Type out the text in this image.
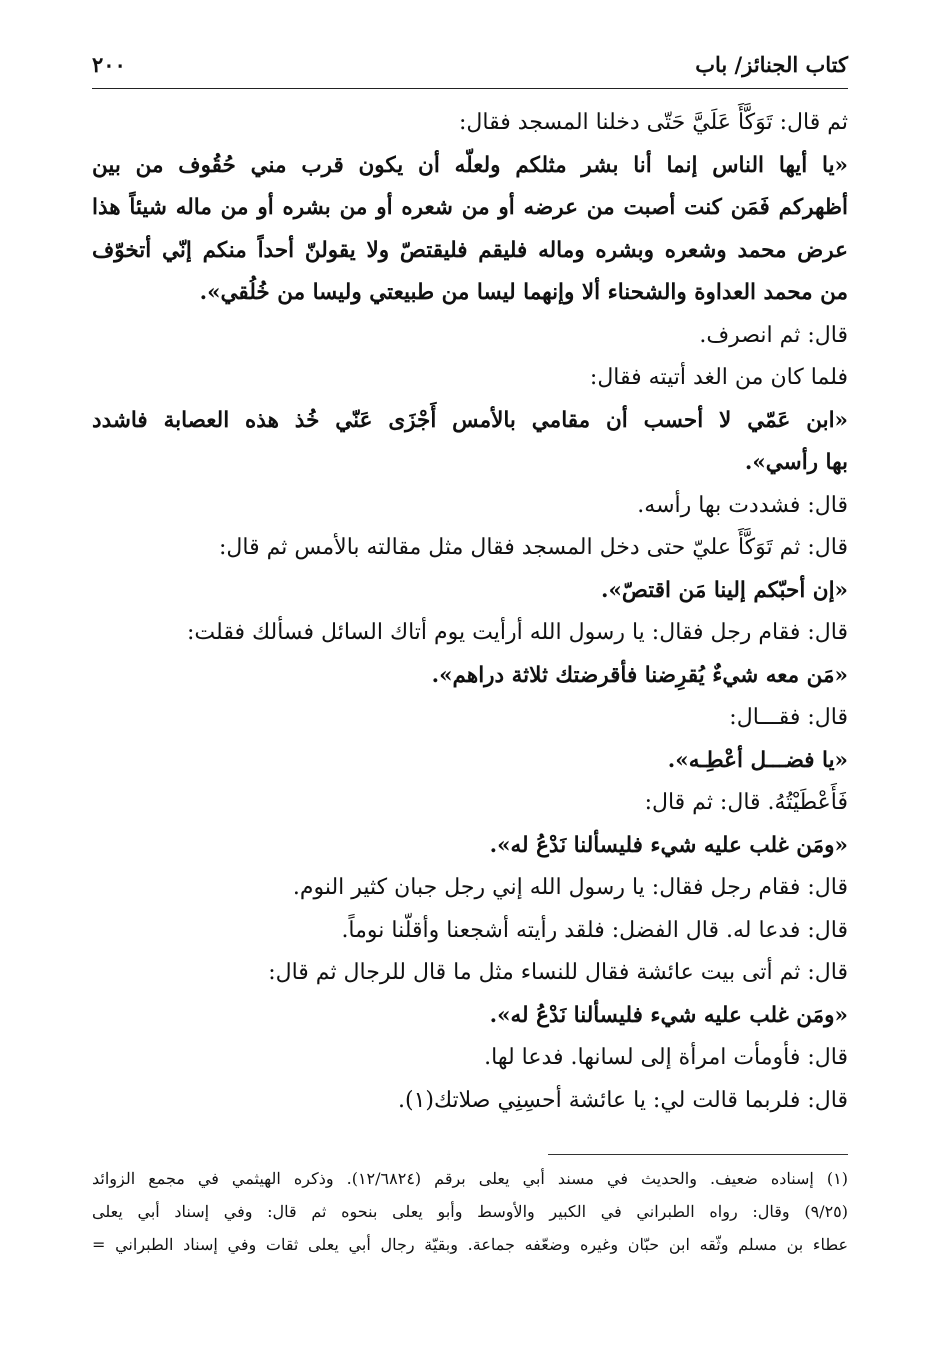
كتاب الجنائز/ باب
٢٠٠
ثم قال: تَوَكَّأَ عَلَيَّ حَتّى دخلنا المسجد فقال:
«يا أيها الناس إنما أنا بشر مثلكم ولعلّه أن يكون قرب مني حُقُوف من بين
أظهركم فَمَن كنت أصبت من عرضه أو من شعره أو من بشره أو من ماله شيئاً هذا
عرض محمد وشعره وبشره وماله فليقم فليقتصّ ولا يقولنّ أحداً منكم إنّي أتخوّف
من محمد العداوة والشحناء ألا وإنهما ليسا من طبيعتي وليسا من خُلُقي».
قال: ثم انصرف.
فلما كان من الغد أتيته فقال:
«ابن عَمّي لا أحسب أن مقامي بالأمس أَجْزَى عَنّي خُذ هذه العصابة فاشدد
بها رأسي».
قال: فشددت بها رأسه.
قال: ثم تَوَكَّأَ عليّ حتى دخل المسجد فقال مثل مقالته بالأمس ثم قال:
«إن أحبّكم إلينا مَن اقتصّ».
قال: فقام رجل فقال: يا رسول الله أرأيت يوم أتاك السائل فسألك فقلت:
«مَن معه شيءٌ يُقرِضنا فأقرضتك ثلاثة دراهم».
قال: فقـــال:
«يا فضـــل أعْطِـه».
فَأَعْطَيْتُهُ. قال: ثم قال:
«ومَن غلب عليه شيء فليسألنا نَدْعُ له».
قال: فقام رجل فقال: يا رسول الله إني رجل جبان كثير النوم.
قال: فدعا له. قال الفضل: فلقد رأيته أشجعنا وأقلّنا نوماً.
قال: ثم أتى بيت عائشة فقال للنساء مثل ما قال للرجال ثم قال:
«ومَن غلب عليه شيء فليسألنا نَدْعُ له».
قال: فأومأت امرأة إلى لسانها. فدعا لها.
قال: فلربما قالت لي: يا عائشة أحسِنِي صلاتك(١).
(١) إسناده ضعيف. والحديث في مسند أبي يعلى برقم (١٢/٦٨٢٤). وذكره الهيثمي في مجمع الزوائد
(٩/٢٥) وقال: رواه الطبراني في الكبير والأوسط وأبو يعلى بنحوه ثم قال: وفي إسناد أبي يعلى
عطاء بن مسلم وثّقه ابن حبّان وغيره وضعّفه جماعة. وبقيّة رجال أبي يعلى ثقات وفي إسناد الطبراني =
